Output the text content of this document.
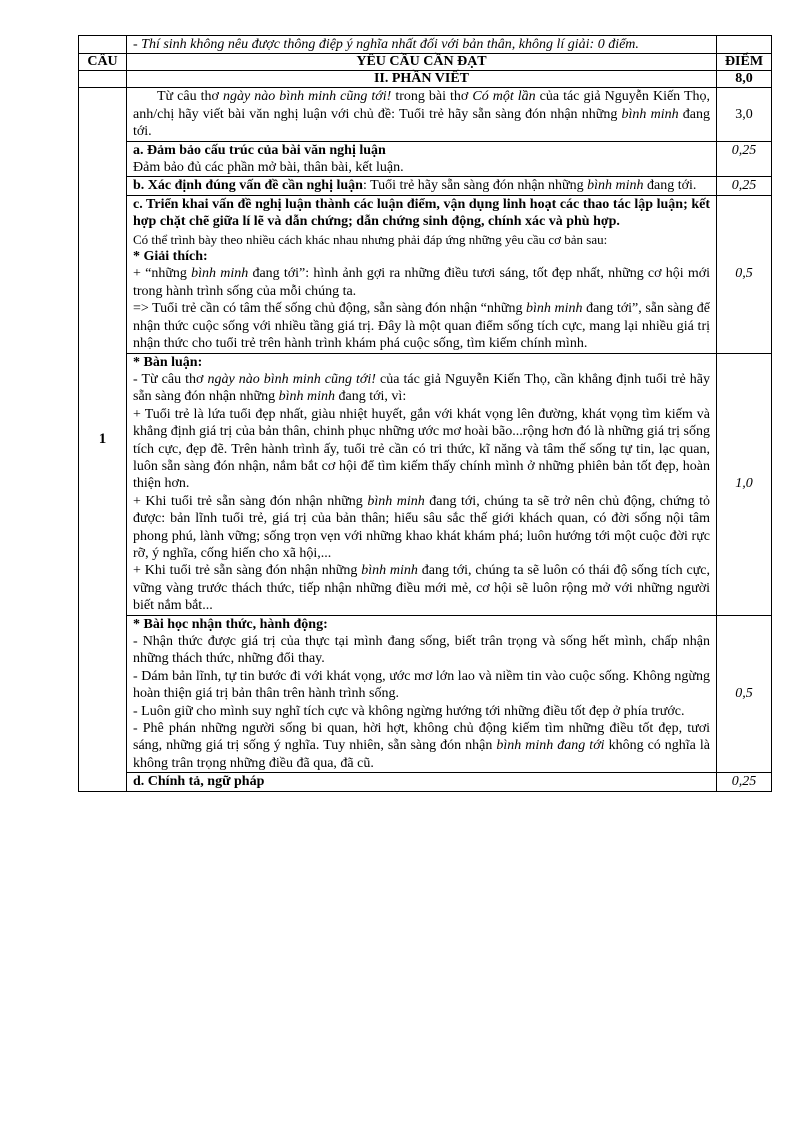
	- Thí sinh không nêu được thông điệp ý nghĩa nhất đối với bản thân, không lí giải: 0 điểm.	
CÂU	YÊU CẦU CẦN ĐẠT	ĐIỂM
	II. PHẦN VIẾT	8,0
1	Từ câu thơ ngày nào bình minh cũng tới! trong bài thơ Có một lần của tác giả Nguyễn Kiến Thọ, anh/chị hãy viết bài văn nghị luận với chủ đề: Tuổi trẻ hãy sẵn sàng đón nhận những bình minh đang tới.	3,0

	a. Đảm bảo cấu trúc của bài văn nghị luận
Đảm bảo đủ các phần mở bài, thân bài, kết luận.	0,25
	b. Xác định đúng vấn đề cần nghị luận: Tuổi trẻ hãy sẵn sàng đón nhận những bình minh đang tới.	0,25

	c. Triển khai vấn đề nghị luận thành các luận điểm, vận dụng linh hoạt các thao tác lập luận; kết hợp chặt chẽ giữa lí lẽ và dẫn chứng; dẫn chứng sinh động, chính xác và phù hợp.
Có thể trình bày theo nhiều cách khác nhau nhưng phải đáp ứng những yêu cầu cơ bản sau:
* Giải thích:
+ “những bình minh đang tới”: hình ảnh gợi ra những điều tươi sáng, tốt đẹp nhất, những cơ hội mới trong hành trình sống của mỗi chúng ta.
=> Tuổi trẻ cần có tâm thế sống chủ động, sẵn sàng đón nhận “những bình minh đang tới”, sẵn sàng để nhận thức cuộc sống với nhiều tầng giá trị. Đây là một quan điểm sống tích cực, mang lại nhiều giá trị nhận thức cho tuổi trẻ trên hành trình khám phá cuộc sống, tìm kiếm chính mình.	0,5

	* Bàn luận:
- Từ câu thơ ngày nào bình minh cũng tới! của tác giả Nguyễn Kiến Thọ, cần khẳng định tuổi trẻ hãy sẵn sàng đón nhận những bình minh đang tới, vì:
+ Tuổi trẻ là lứa tuổi đẹp nhất, giàu nhiệt huyết, gắn với khát vọng lên đường, khát vọng tìm kiếm và khẳng định giá trị của bản thân, chinh phục những ước mơ hoài bão...rộng hơn đó là những giá trị sống tích cực, đẹp đẽ. Trên hành trình ấy, tuổi trẻ cần có tri thức, kĩ năng và tâm thế sống tự tin, lạc quan, luôn sẵn sàng đón nhận, nắm bắt cơ hội để tìm kiếm thấy chính mình ở những phiên bản tốt đẹp, hoàn thiện hơn.
+ Khi tuổi trẻ sẵn sàng đón nhận những bình minh đang tới, chúng ta sẽ trở nên chủ động, chứng tỏ được: bản lĩnh tuổi trẻ, giá trị của bản thân; hiểu sâu sắc thế giới khách quan, có đời sống nội tâm phong phú, lành vững; sống trọn vẹn với những khao khát khám phá; luôn hướng tới một cuộc đời rực rỡ, ý nghĩa, cống hiến cho xã hội,...
+ Khi tuổi trẻ sẵn sàng đón nhận những bình minh đang tới, chúng ta sẽ luôn có thái độ sống tích cực, vững vàng trước thách thức, tiếp nhận những điều mới mẻ, cơ hội sẽ luôn rộng mở với những người biết nắm bắt...	1,0

	* Bài học nhận thức, hành động:
- Nhận thức được giá trị của thực tại mình đang sống, biết trân trọng và sống hết mình, chấp nhận những thách thức, những đổi thay.
- Dám bản lĩnh, tự tin bước đi với khát vọng, ước mơ lớn lao và niềm tin vào cuộc sống. Không ngừng hoàn thiện giá trị bản thân trên hành trình sống.
- Luôn giữ cho mình suy nghĩ tích cực và không ngừng hướng tới những điều tốt đẹp ở phía trước.
- Phê phán những người sống bi quan, hời hợt, không chủ động kiếm tìm những điều tốt đẹp, tươi sáng, những giá trị sống ý nghĩa. Tuy nhiên, sẵn sàng đón nhận bình minh đang tới không có nghĩa là không trân trọng những điều đã qua, đã cũ.	0,5
	d. Chính tả, ngữ pháp	0,25
